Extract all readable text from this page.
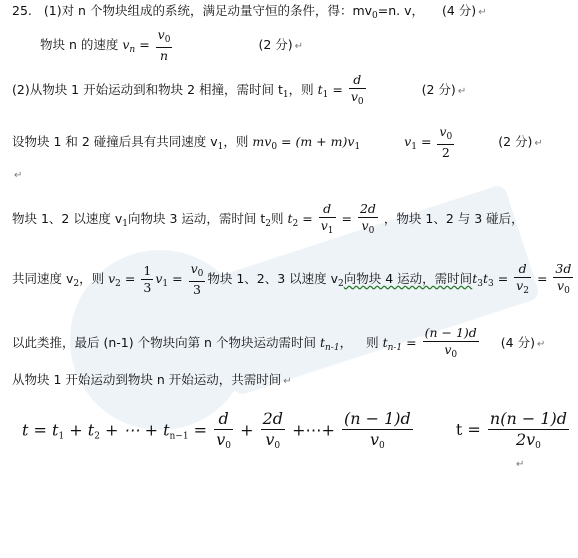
25. (1)对 n 个物块组成的系统，满足动量守恒的条件，得：$mv_0=n$. v， (4 分) ↵
物块 n 的速度 $v_n = \frac{v_0}{n}$	(2 分) ↵
(2)从物块 1 开始运动到和物块 2 相撞，需时间 $t_1$，则 $t_1 = \frac{d}{v_0}$	(2 分) ↵
设物块 1 和 2 碰撞后具有共同速度 $v_1$，则 $mv_0 = (m + m)v_1$	$v_1 = \frac{v_0}{2}$	(2 分) ↵
↵
物块 1、2 以速度 $v_1$向物块 3 运动，需时间 $t_2$则 $t_2 = \frac{d}{v_1} = \frac{2d}{v_0}$ ，物块 1、2 与 3 碰后，
共同速度 $v_2$，则 $v_2 = \frac{1}{3} v_1 = \frac{v_0}{3}$ 物块 1、2、3 以速度 $v_2$向物块 4 运动，需时间$t_3t_3 = \frac{d}{v_2} = \frac{3d}{v_0}$
以此类推，最后 (n-1) 个物块向第 n 个物块运动需时间 $t_{n-1}$， 则 $t_{n-1} = \frac{(n - 1)d}{v_0} (4$ 分) ↵
从物块 1 开始运动到物块 n 开始运动，共需时间 ↵
$t = t_1 + t_2$ + ⋯ + $t_{n-1} = \frac{d}{v_0} + \frac{2d}{v_0}$ +⋯+ $\frac{(n - 1)d}{v_0}$	$t = \frac{n(n - 1)d}{2v_0}$
↵
